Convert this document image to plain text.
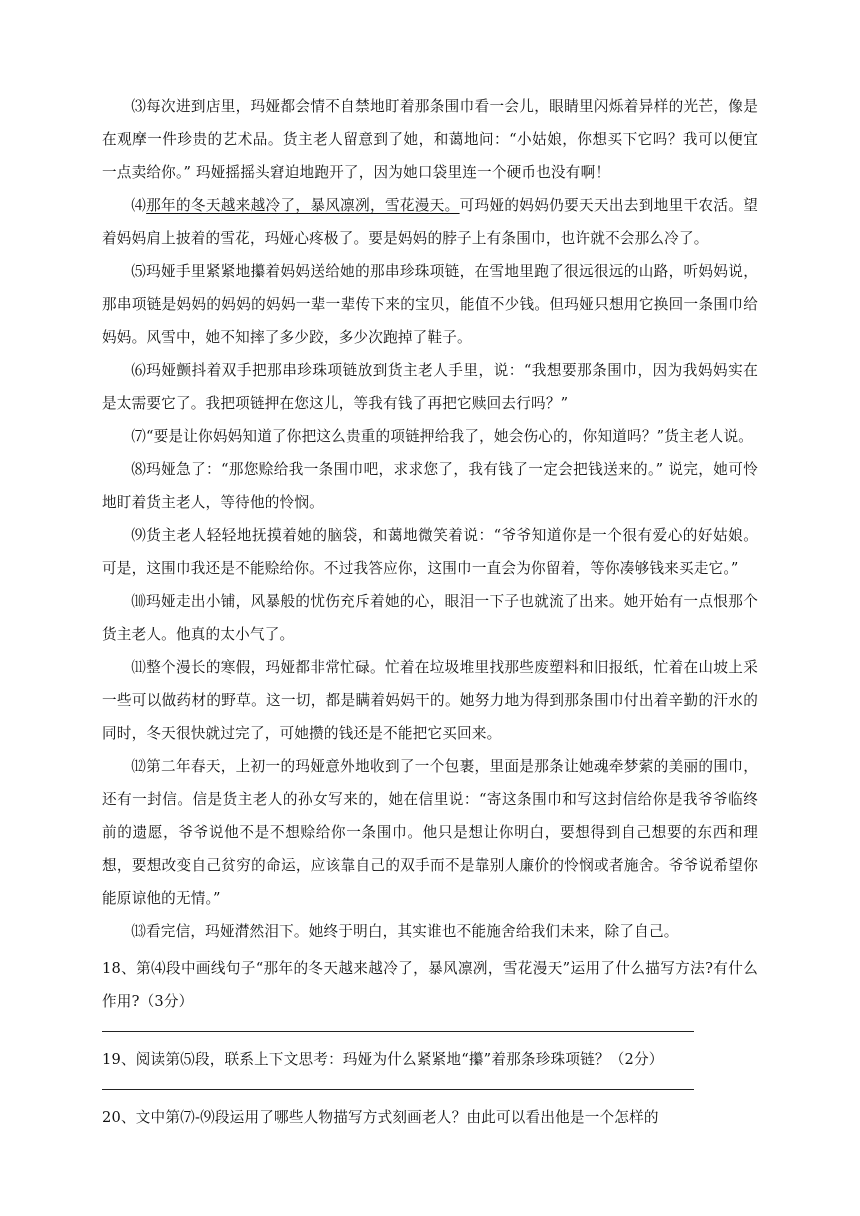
⑶每次进到店里，玛娅都会情不自禁地盯着那条围巾看一会儿，眼睛里闪烁着异样的光芒，像是在观摩一件珍贵的艺术品。货主老人留意到了她，和蔼地问：“小姑娘，你想买下它吗？我可以便宜一点卖给你。” 玛娅摇摇头窘迫地跑开了，因为她口袋里连一个硬币也没有啊！

⑷那年的冬天越来越冷了，暴风凛冽，雪花漫天。可玛娅的妈妈仍要天天出去到地里干农活。望着妈妈肩上披着的雪花，玛娅心疼极了。要是妈妈的脖子上有条围巾，也许就不会那么冷了。

⑸玛娅手里紧紧地攥着妈妈送给她的那串珍珠项链，在雪地里跑了很远很远的山路，听妈妈说，那串项链是妈妈的妈妈的妈妈一辈一辈传下来的宝贝，能值不少钱。但玛娅只想用它换回一条围巾给妈妈。风雪中，她不知摔了多少跤，多少次跑掉了鞋子。

⑹玛娅颤抖着双手把那串珍珠项链放到货主老人手里，说：“我想要那条围巾，因为我妈妈实在是太需要它了。我把项链押在您这儿，等我有钱了再把它赎回去行吗？”

⑺“要是让你妈妈知道了你把这么贵重的项链押给我了，她会伤心的，你知道吗？”货主老人说。

⑻玛娅急了：“那您赊给我一条围巾吧，求求您了，我有钱了一定会把钱送来的。” 说完，她可怜地盯着货主老人，等待他的怜悯。

⑼货主老人轻轻地抚摸着她的脑袋，和蔼地微笑着说：“爷爷知道你是一个很有爱心的好姑娘。可是，这围巾我还是不能赊给你。不过我答应你，这围巾一直会为你留着，等你凑够钱来买走它。”

⑽玛娅走出小铺，风暴般的忧伤充斥着她的心，眼泪一下子也就流了出来。她开始有一点恨那个货主老人。他真的太小气了。

⑾整个漫长的寒假，玛娅都非常忙碌。忙着在垃圾堆里找那些废塑料和旧报纸，忙着在山坡上采一些可以做药材的野草。这一切，都是瞒着妈妈干的。她努力地为得到那条围巾付出着辛勤的汗水的同时，冬天很快就过完了，可她攒的钱还是不能把它买回来。

⑿第二年春天，上初一的玛娅意外地收到了一个包裹，里面是那条让她魂牵梦萦的美丽的围巾，还有一封信。信是货主老人的孙女写来的，她在信里说：“寄这条围巾和写这封信给你是我爷爷临终前的遗愿，爷爷说他不是不想赊给你一条围巾。他只是想让你明白，要想得到自己想要的东西和理想，要想改变自己贫穷的命运，应该靠自己的双手而不是靠别人廉价的怜悯或者施舍。爷爷说希望你能原谅他的无情。”

⒀看完信，玛娅潸然泪下。她终于明白，其实谁也不能施舍给我们未来，除了自己。

18、第⑷段中画线句子“那年的冬天越来越冷了，暴风凛冽，雪花漫天”运用了什么描写方法?有什么作用?（3分）

19、阅读第⑸段，联系上下文思考：玛娅为什么紧紧地“攥”着那条珍珠项链？（2分）

20、文中第⑺-⑼段运用了哪些人物描写方式刻画老人？由此可以看出他是一个怎样的
